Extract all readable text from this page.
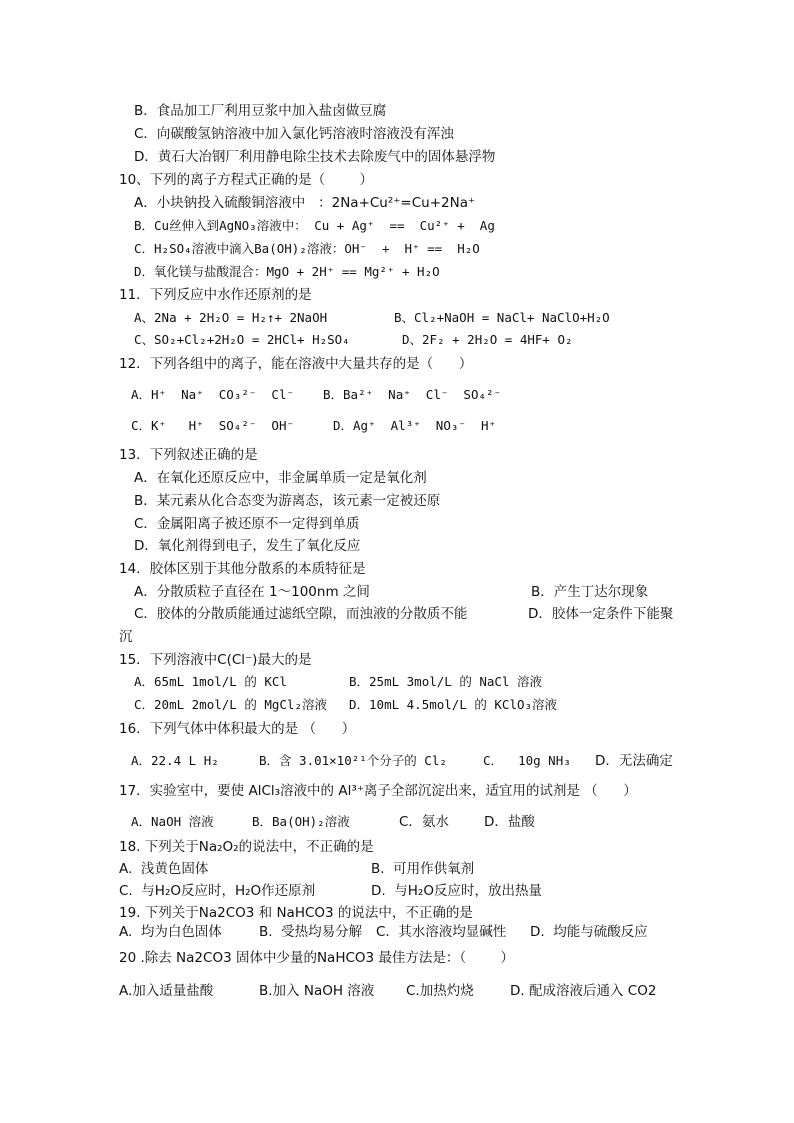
B．食品加工厂利用豆浆中加入盐卤做豆腐
C．向碳酸氢钠溶液中加入氯化钙溶液时溶液没有浑浊
D．黄石大冶钢厂利用静电除尘技术去除废气中的固体悬浮物
10、下列的离子方程式正确的是（        ）
A．小块钠投入硫酸铜溶液中   ：2Na+Cu²⁺=Cu+2Na⁺
B．Cu丝伸入到AgNO₃溶液中： Cu + Ag⁺  ==  Cu²⁺ +  Ag
C．H₂SO₄溶液中滴入Ba(OH)₂溶液：OH⁻  +  H⁺ ==  H₂O
D．氧化镁与盐酸混合：MgO + 2H⁺ == Mg²⁺ + H₂O
11．下列反应中水作还原剂的是
A、2Na + 2H₂O = H₂↑+ 2NaOH	B、Cl₂+NaOH = NaCl+ NaClO+H₂O
C、SO₂+Cl₂+2H₂O = 2HCl+ H₂SO₄	D、2F₂ + 2H₂O = 4HF+ O₂
12．下列各组中的离子，能在溶液中大量共存的是（      ）
A．H⁺  Na⁺  CO₃²⁻  Cl⁻ B．Ba²⁺  Na⁺  Cl⁻  SO₄²⁻
C．K⁺   H⁺  SO₄²⁻  OH⁻	D．Ag⁺  Al³⁺  NO₃⁻  H⁺
13．下列叙述正确的是
A．在氧化还原反应中，非金属单质一定是氧化剂
B．某元素从化合态变为游离态，该元素一定被还原
C．金属阳离子被还原不一定得到单质
D．氧化剂得到电子，发生了氧化反应
14．胶体区别于其他分散系的本质特征是
A．分散质粒子直径在 1～100nm 之间	B．产生丁达尔现象
C．胶体的分散质能通过滤纸空隙，而浊液的分散质不能	D．胶体一定条件下能聚
沉
15．下列溶液中C(Cl⁻)最大的是
A．65mL 1mol/L 的 KCl	B．25mL 3mol/L 的 NaCl 溶液
C．20mL 2mol/L 的 MgCl₂溶液 D．10mL 4.5mol/L 的 KClO₃溶液
16．下列气体中体积最大的是 （      ）
A．22.4 L H₂	B．含 3.01×10²¹个分子的 Cl₂	C．  10g NH₃ D．无法确定
17．实验室中，要使 AlCl₃溶液中的 Al³⁺离子全部沉淀出来，适宜用的试剂是 （      ）
A．NaOH 溶液	B．Ba(OH)₂溶液	C．氨水	D．盐酸
18. 下列关于Na₂O₂的说法中，不正确的是
A.  浅黄色固体	B.  可用作供氧剂
C.  与H₂O反应时，H₂O作还原剂	D.  与H₂O反应时，放出热量
19. 下列关于Na2CO3 和 NaHCO3 的说法中，不正确的是
A.  均为白色固体	B.  受热均易分解 C.  其水溶液均显碱性 D.  均能与硫酸反应
20 .除去 Na2CO3 固体中少量的NaHCO3 最佳方法是：（        ）
A.加入适量盐酸	B.加入 NaOH 溶液 C.加热灼烧	D. 配成溶液后通入 CO2
